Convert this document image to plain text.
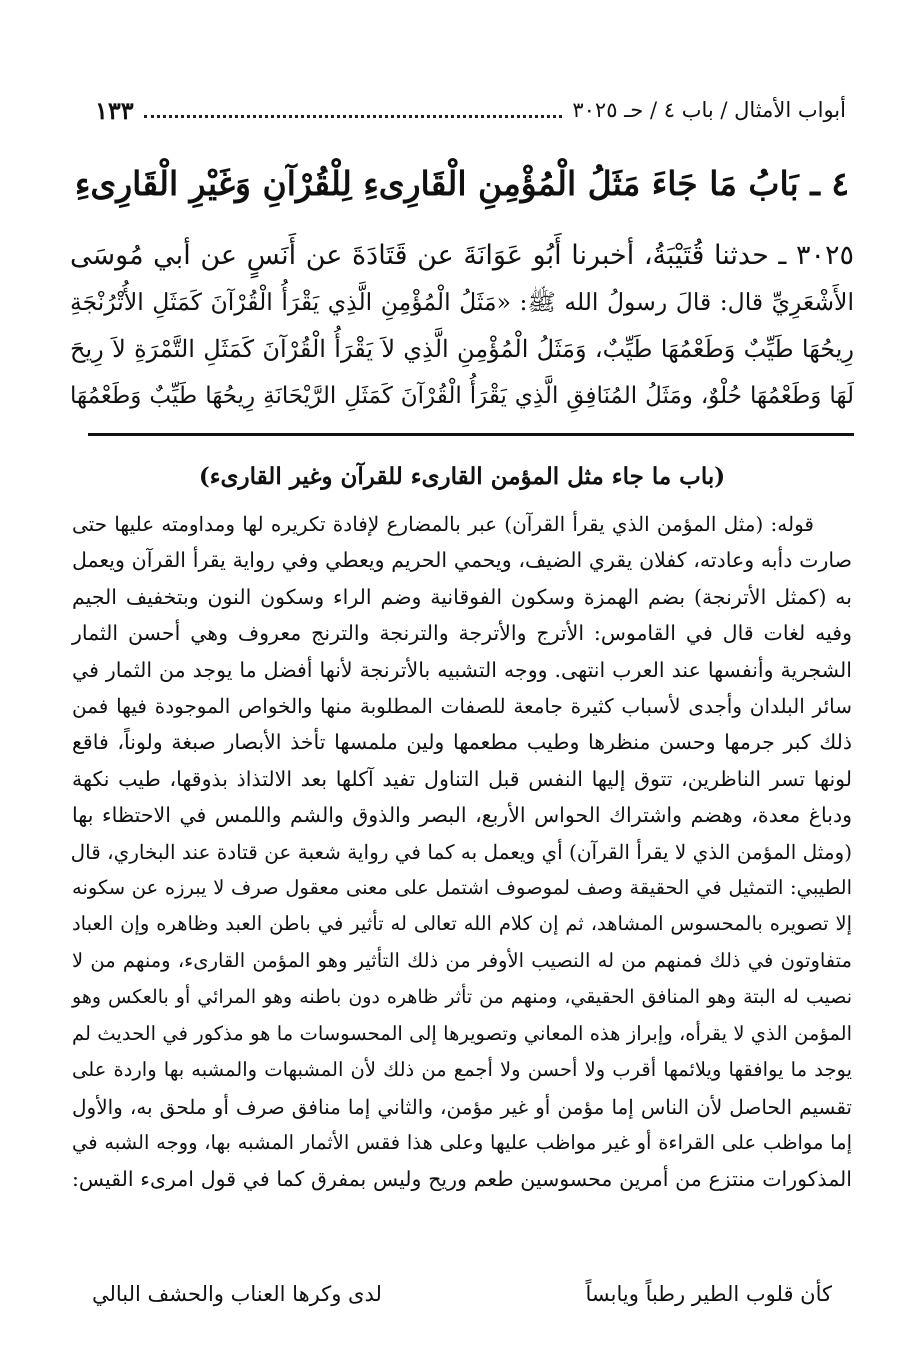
أبواب الأمثال / باب ٤ / حـ ٣٠٢٥
١٣٣
٤ ـ بَابُ مَا جَاءَ مَثَلُ الْمُؤْمِنِ الْقَارِىءِ لِلْقُرْآنِ وَغَيْرِ الْقَارِىءِ

٣٠٢٥ ـ حدثنا قُتَيْبَةُ، أخبرنا أَبُو عَوَانَةَ عن قَتَادَةَ عن أَنَسٍ عن أبي مُوسَى

الأَشْعَرِيِّ قال: قالَ رسولُ الله ﷺ: «مَثَلُ الْمُؤْمِنِ الَّذِي يَقْرَأُ الْقُرْآنَ كَمَثَلِ الأُتْرُنْجَةِ

رِيحُهَا طَيِّبٌ وَطَعْمُهَا طَيِّبٌ، وَمَثَلُ الْمُؤْمِنِ الَّذِي لاَ يَقْرَأُ الْقُرْآنَ كَمَثَلِ التَّمْرَةِ لاَ رِيحَ

لَهَا وَطَعْمُهَا حُلْوٌ، ومَثَلُ المُنَافِقِ الَّذِي يَقْرَأُ الْقُرْآنَ كَمَثَلِ الرَّيْحَانَةِ رِيحُهَا طَيِّبٌ وَطَعْمُهَا

(باب ما جاء مثل المؤمن القارىء للقرآن وغير القارىء)

قوله: (مثل المؤمن الذي يقرأ القرآن) عبر بالمضارع لإفادة تكريره لها ومداومته عليها حتى

صارت دأبه وعادته، كفلان يقري الضيف، ويحمي الحريم ويعطي وفي رواية يقرأ القرآن ويعمل

به (كمثل الأترنجة) بضم الهمزة وسكون الفوقانية وضم الراء وسكون النون وبتخفيف الجيم

وفيه لغات قال في القاموس: الأترج والأترجة والترنجة والترنج معروف وهي أحسن الثمار

الشجرية وأنفسها عند العرب انتهى. ووجه التشبيه بالأترنجة لأنها أفضل ما يوجد من الثمار في

سائر البلدان وأجدى لأسباب كثيرة جامعة للصفات المطلوبة منها والخواص الموجودة فيها فمن

ذلك كبر جرمها وحسن منظرها وطيب مطعمها ولين ملمسها تأخذ الأبصار صبغة ولوناً، فاقع

لونها تسر الناظرين، تتوق إليها النفس قبل التناول تفيد آكلها بعد الالتذاذ بذوقها، طيب نكهة

ودباغ معدة، وهضم واشتراك الحواس الأربع، البصر والذوق والشم واللمس في الاحتظاء بها

(ومثل المؤمن الذي لا يقرأ القرآن) أي ويعمل به كما في رواية شعبة عن قتادة عند البخاري، قال

الطيبي: التمثيل في الحقيقة وصف لموصوف اشتمل على معنى معقول صرف لا يبرزه عن سكونه

إلا تصويره بالمحسوس المشاهد، ثم إن كلام الله تعالى له تأثير في باطن العبد وظاهره وإن العباد

متفاوتون في ذلك فمنهم من له النصيب الأوفر من ذلك التأثير وهو المؤمن القارىء، ومنهم من لا

نصيب له البتة وهو المنافق الحقيقي، ومنهم من تأثر ظاهره دون باطنه وهو المرائي أو بالعكس وهو

المؤمن الذي لا يقرأه، وإبراز هذه المعاني وتصويرها إلى المحسوسات ما هو مذكور في الحديث لم

يوجد ما يوافقها ويلائمها أقرب ولا أحسن ولا أجمع من ذلك لأن المشبهات والمشبه بها واردة على

تقسيم الحاصل لأن الناس إما مؤمن أو غير مؤمن، والثاني إما منافق صرف أو ملحق به، والأول

إما مواظب على القراءة أو غير مواظب عليها وعلى هذا فقس الأثمار المشبه بها، ووجه الشبه في

المذكورات منتزع من أمرين محسوسين طعم وريح وليس بمفرق كما في قول امرىء القيس:

كأن قلوب الطير رطباً ويابساً
لدى وكرها العناب والحشف البالي
